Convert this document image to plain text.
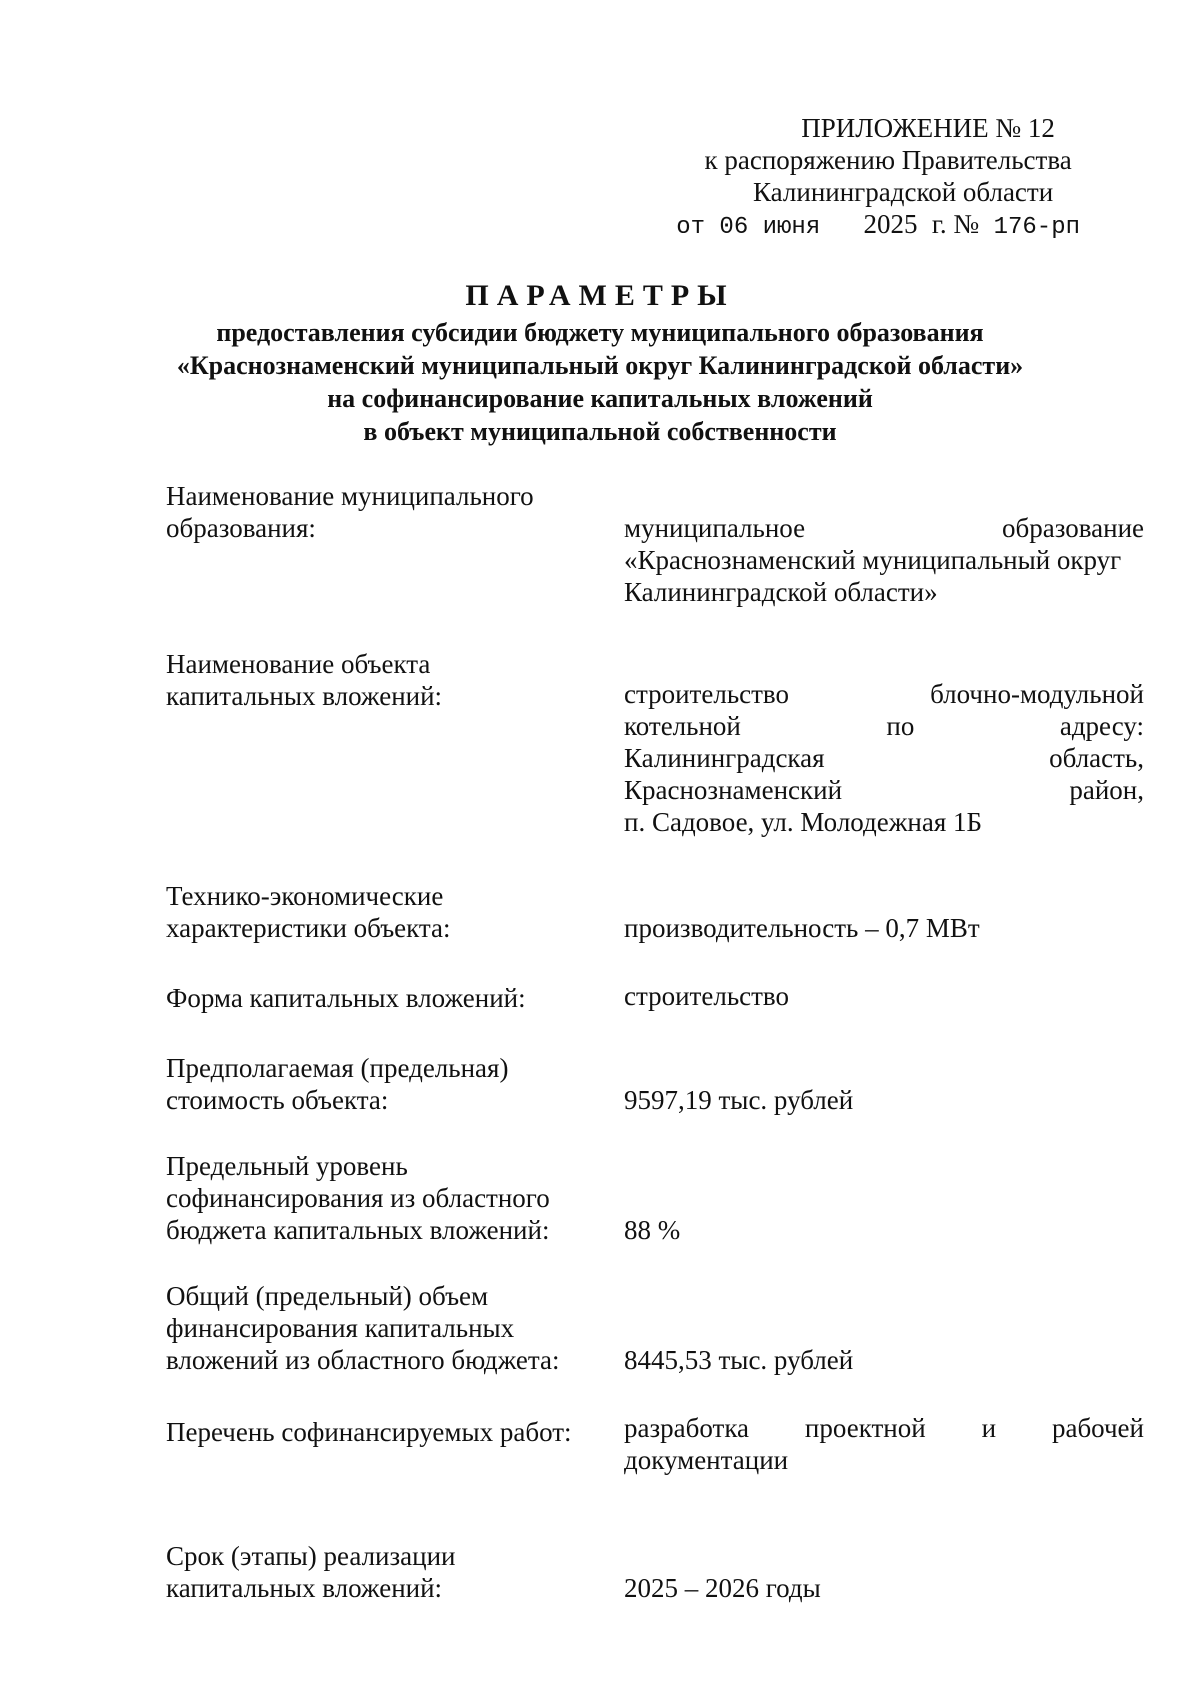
ПРИЛОЖЕНИЕ № 12
к распоряжению Правительства
Калининградской области
от 06 июня 2025 г. № 176-рп
ПАРАМЕТРЫ
предоставления субсидии бюджету муниципального образования
«Краснознаменский муниципальный округ Калининградской области»
на софинансирование капитальных вложений
в объект муниципальной собственности
Наименование муниципального
образования:	муниципальное образование
«Краснознаменский муниципальный округ
Калининградской области»
Наименование объекта
капитальных вложений:	строительство блочно-модульной
котельной по адресу:
Калининградская область,
Краснознаменский район,
п. Садовое, ул. Молодежная 1Б
Технико-экономические
характеристики объекта:	производительность – 0,7 МВт
Форма капитальных вложений:	строительство
Предполагаемая (предельная)
стоимость объекта:	9597,19 тыс. рублей
Предельный уровень
софинансирования из областного
бюджета капитальных вложений:	88 %
Общий (предельный) объем
финансирования капитальных
вложений из областного бюджета:	8445,53 тыс. рублей
Перечень софинансируемых работ:	разработка проектной и рабочей
документации
Срок (этапы) реализации
капитальных вложений:	2025 – 2026 годы
